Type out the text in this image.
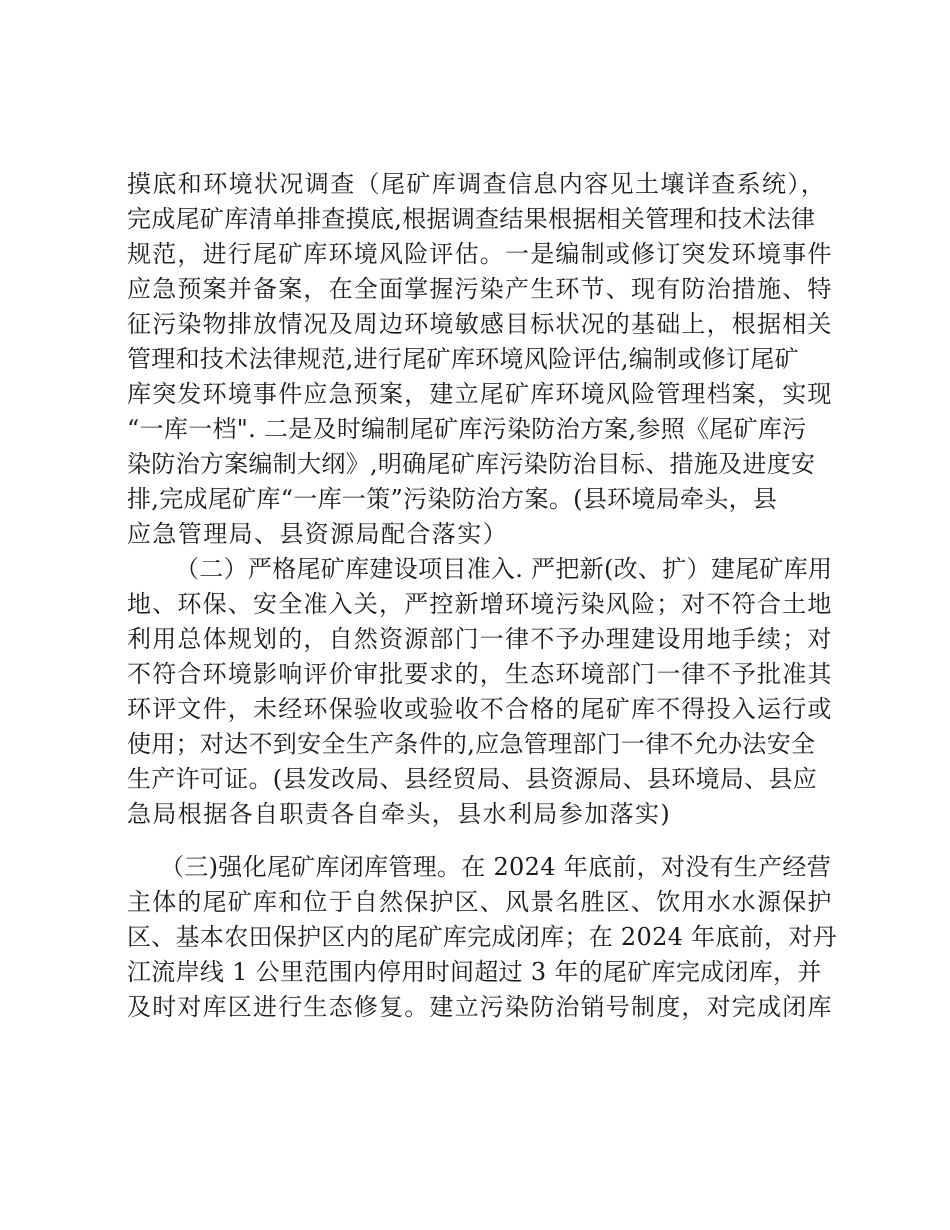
摸底和环境状况调查（尾矿库调查信息内容见土壤详查系统），
完成尾矿库清单排查摸底,根据调查结果根据相关管理和技术法律
规范，进行尾矿库环境风险评估。一是编制或修订突发环境事件
应急预案并备案，在全面掌握污染产生环节、现有防治措施、特
征污染物排放情况及周边环境敏感目标状况的基础上，根据相关
管理和技术法律规范,进行尾矿库环境风险评估,编制或修订尾矿
库突发环境事件应急预案，建立尾矿库环境风险管理档案，实现
“一库一档". 二是及时编制尾矿库污染防治方案,参照《尾矿库污
染防治方案编制大纲》,明确尾矿库污染防治目标、措施及进度安
排,完成尾矿库“一库一策”污染防治方案。(县环境局牵头，县
应急管理局、县资源局配合落实）
（二）严格尾矿库建设项目准入. 严把新(改、扩）建尾矿库用
地、环保、安全准入关，严控新增环境污染风险；对不符合土地
利用总体规划的，自然资源部门一律不予办理建设用地手续；对
不符合环境影响评价审批要求的，生态环境部门一律不予批准其
环评文件，未经环保验收或验收不合格的尾矿库不得投入运行或
使用；对达不到安全生产条件的,应急管理部门一律不允办法安全
生产许可证。(县发改局、县经贸局、县资源局、县环境局、县应
急局根据各自职责各自牵头，县水利局参加落实)
（三)强化尾矿库闭库管理。在 2024 年底前，对没有生产经营
主体的尾矿库和位于自然保护区、风景名胜区、饮用水水源保护
区、基本农田保护区内的尾矿库完成闭库；在 2024 年底前，对丹
江流岸线 1 公里范围内停用时间超过 3 年的尾矿库完成闭库，并
及时对库区进行生态修复。建立污染防治销号制度，对完成闭库
